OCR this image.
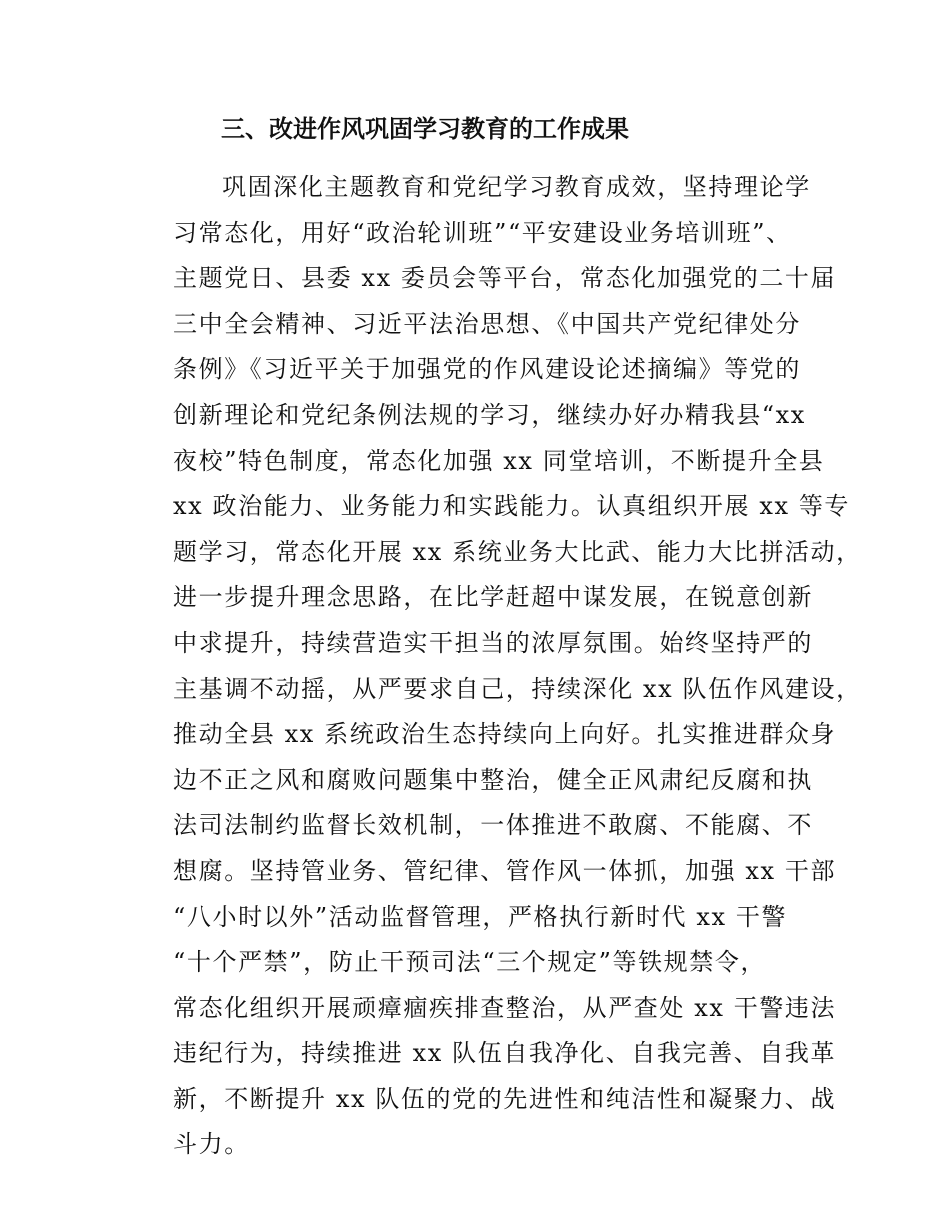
三、改进作风巩固学习教育的工作成果
巩固深化主题教育和党纪学习教育成效，坚持理论学
习常态化，用好“政治轮训班”“平安建设业务培训班”、
主题党日、县委 xx 委员会等平台，常态化加强党的二十届
三中全会精神、习近平法治思想、《中国共产党纪律处分
条例》《习近平关于加强党的作风建设论述摘编》等党的
创新理论和党纪条例法规的学习，继续办好办精我县“xx
夜校”特色制度，常态化加强 xx 同堂培训，不断提升全县
xx 政治能力、业务能力和实践能力。认真组织开展 xx 等专
题学习，常态化开展 xx 系统业务大比武、能力大比拼活动，
进一步提升理念思路，在比学赶超中谋发展，在锐意创新
中求提升，持续营造实干担当的浓厚氛围。始终坚持严的
主基调不动摇，从严要求自己，持续深化 xx 队伍作风建设，
推动全县 xx 系统政治生态持续向上向好。扎实推进群众身
边不正之风和腐败问题集中整治，健全正风肃纪反腐和执
法司法制约监督长效机制，一体推进不敢腐、不能腐、不
想腐。坚持管业务、管纪律、管作风一体抓，加强 xx 干部
“八小时以外”活动监督管理，严格执行新时代 xx 干警
“十个严禁”，防止干预司法“三个规定”等铁规禁令，
常态化组织开展顽瘴痼疾排查整治，从严查处 xx 干警违法
违纪行为，持续推进 xx 队伍自我净化、自我完善、自我革
新，不断提升 xx 队伍的党的先进性和纯洁性和凝聚力、战
斗力。
